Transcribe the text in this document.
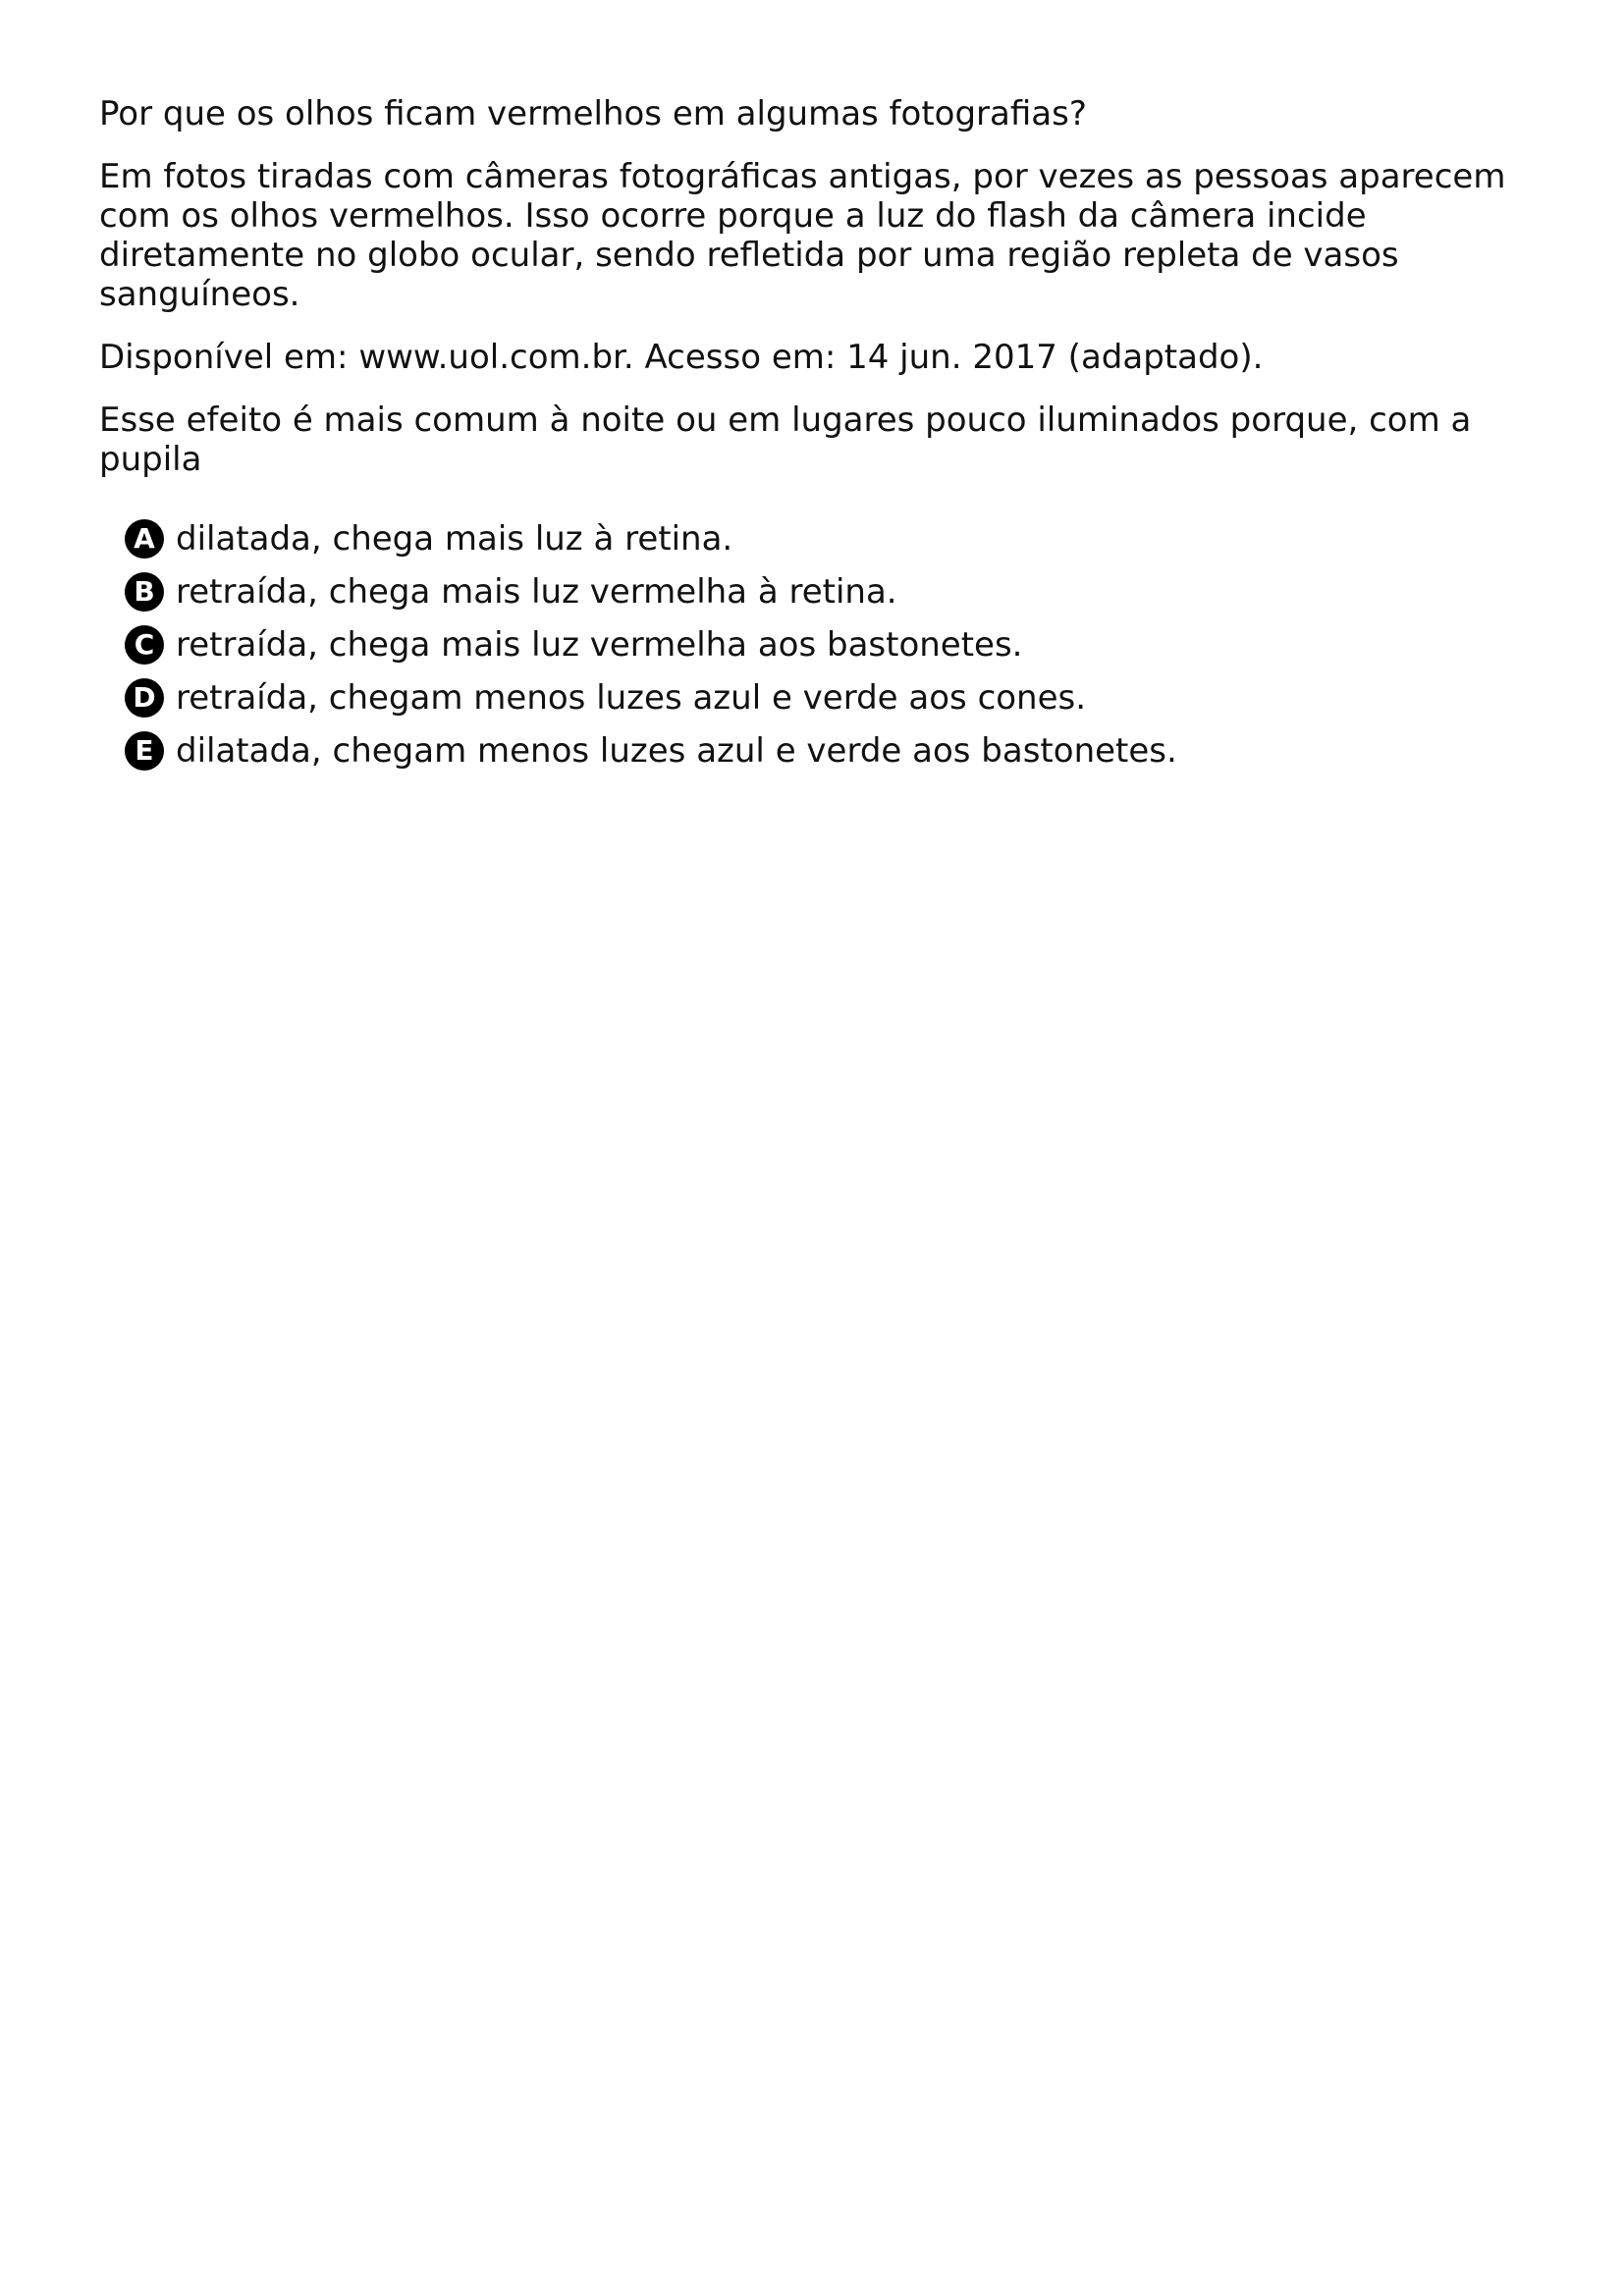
Por que os olhos ficam vermelhos em algumas fotografias?

Em fotos tiradas com câmeras fotográficas antigas, por vezes as pessoas aparecem com os olhos vermelhos. Isso ocorre porque a luz do flash da câmera incide diretamente no globo ocular, sendo refletida por uma região repleta de vasos sanguíneos.

Disponível em: www.uol.com.br. Acesso em: 14 jun. 2017 (adaptado).

Esse efeito é mais comum à noite ou em lugares pouco iluminados porque, com a pupila

A dilatada, chega mais luz à retina.
B retraída, chega mais luz vermelha à retina.
C retraída, chega mais luz vermelha aos bastonetes.
D retraída, chegam menos luzes azul e verde aos cones.
E dilatada, chegam menos luzes azul e verde aos bastonetes.
